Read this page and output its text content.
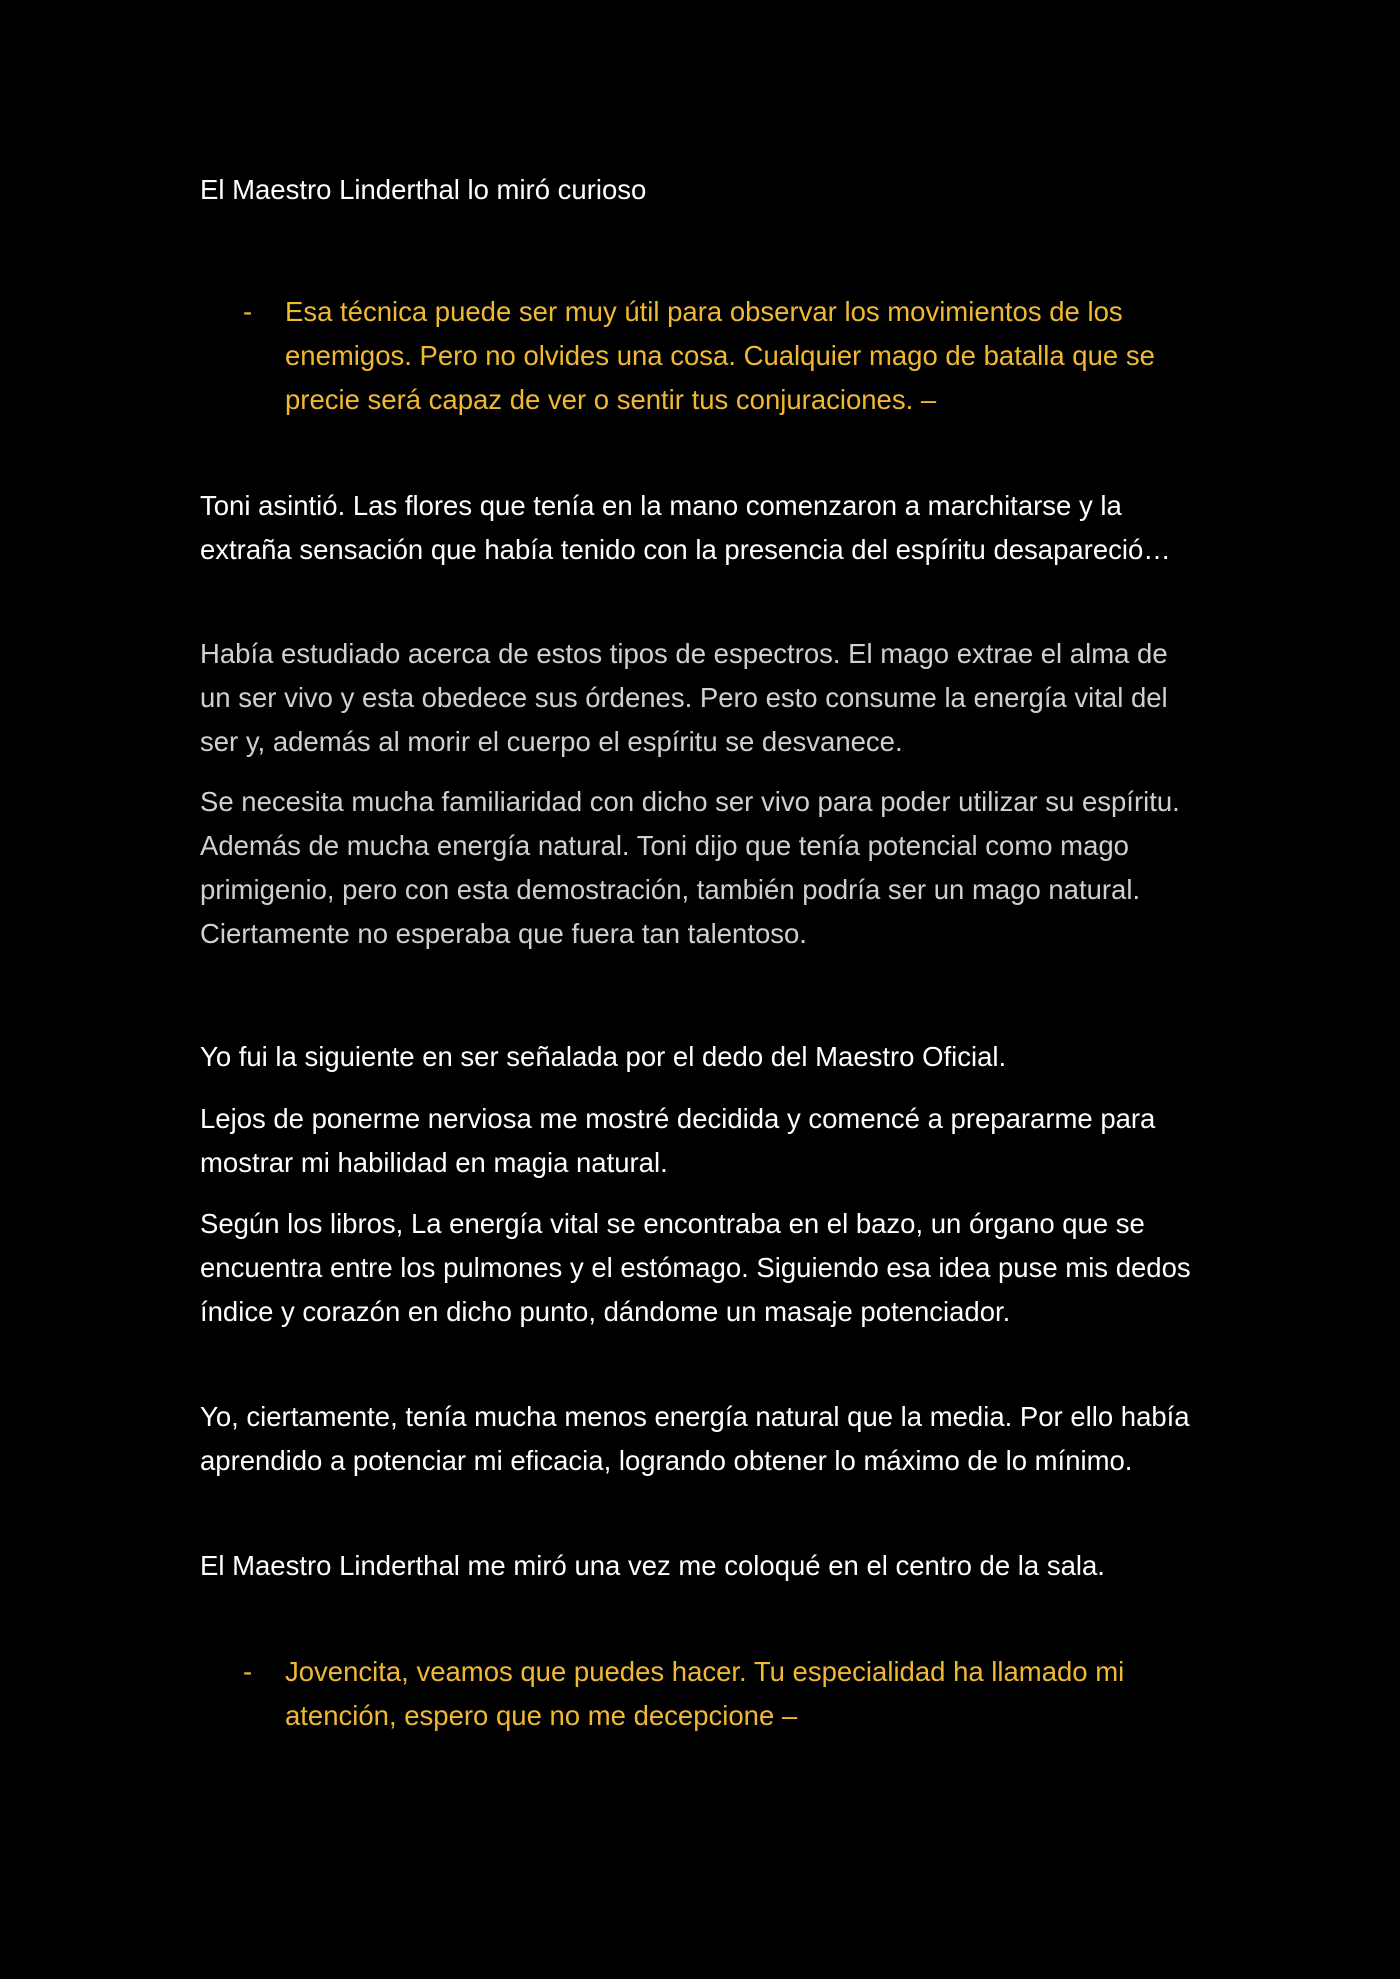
El Maestro Linderthal lo miró curioso

- Esa técnica puede ser muy útil para observar los movimientos de los enemigos. Pero no olvides una cosa. Cualquier mago de batalla que se precie será capaz de ver o sentir tus conjuraciones. –

Toni asintió. Las flores que tenía en la mano comenzaron a marchitarse y la extraña sensación que había tenido con la presencia del espíritu desapareció…

Había estudiado acerca de estos tipos de espectros. El mago extrae el alma de un ser vivo y esta obedece sus órdenes. Pero esto consume la energía vital del ser y, además al morir el cuerpo el espíritu se desvanece.

Se necesita mucha familiaridad con dicho ser vivo para poder utilizar su espíritu. Además de mucha energía natural. Toni dijo que tenía potencial como mago primigenio, pero con esta demostración, también podría ser un mago natural. Ciertamente no esperaba que fuera tan talentoso.

Yo fui la siguiente en ser señalada por el dedo del Maestro Oficial.

Lejos de ponerme nerviosa me mostré decidida y comencé a prepararme para mostrar mi habilidad en magia natural.

Según los libros, La energía vital se encontraba en el bazo, un órgano que se encuentra entre los pulmones y el estómago. Siguiendo esa idea puse mis dedos índice y corazón en dicho punto, dándome un masaje potenciador.

Yo, ciertamente, tenía mucha menos energía natural que la media. Por ello había aprendido a potenciar mi eficacia, logrando obtener lo máximo de lo mínimo.

El Maestro Linderthal me miró una vez me coloqué en el centro de la sala.

- Jovencita, veamos que puedes hacer. Tu especialidad ha llamado mi atención, espero que no me decepcione –
